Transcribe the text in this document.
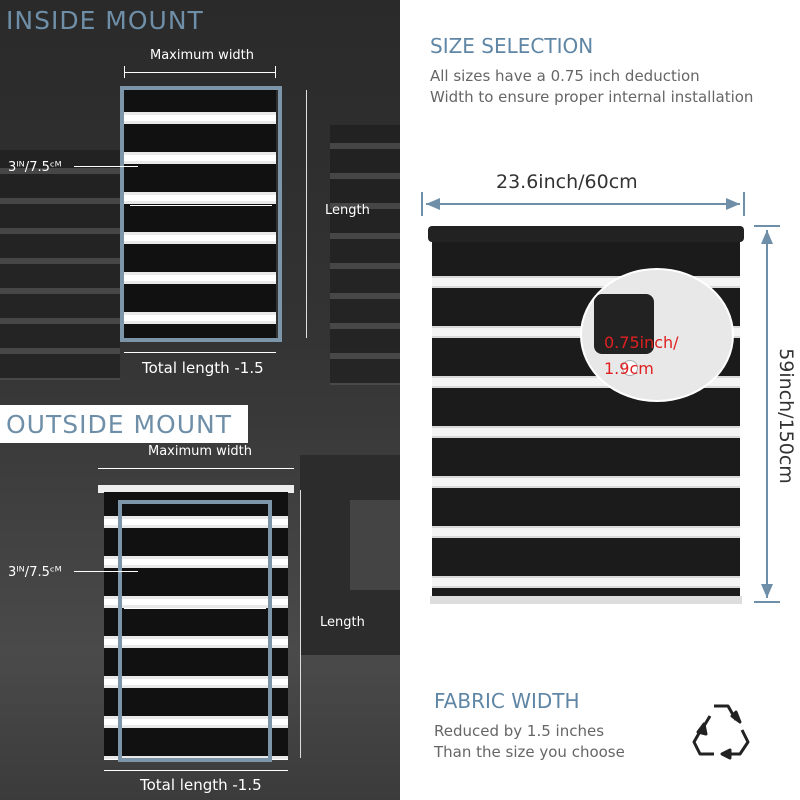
INSIDE MOUNT
Maximum width
3ᴵᴺ/7.5ᶜᴹ
Length
Total length -1.5
OUTSIDE MOUNT
Maximum width
3ᴵᴺ/7.5ᶜᴹ
Length
Total length -1.5
SIZE SELECTION
All sizes have a 0.75 inch deduction
Width to ensure proper internal installation
23.6inch/60cm
0.75inch/
1.9cm	59inch/150cm
FABRIC WIDTH
Reduced by 1.5 inches
Than the size you choose
